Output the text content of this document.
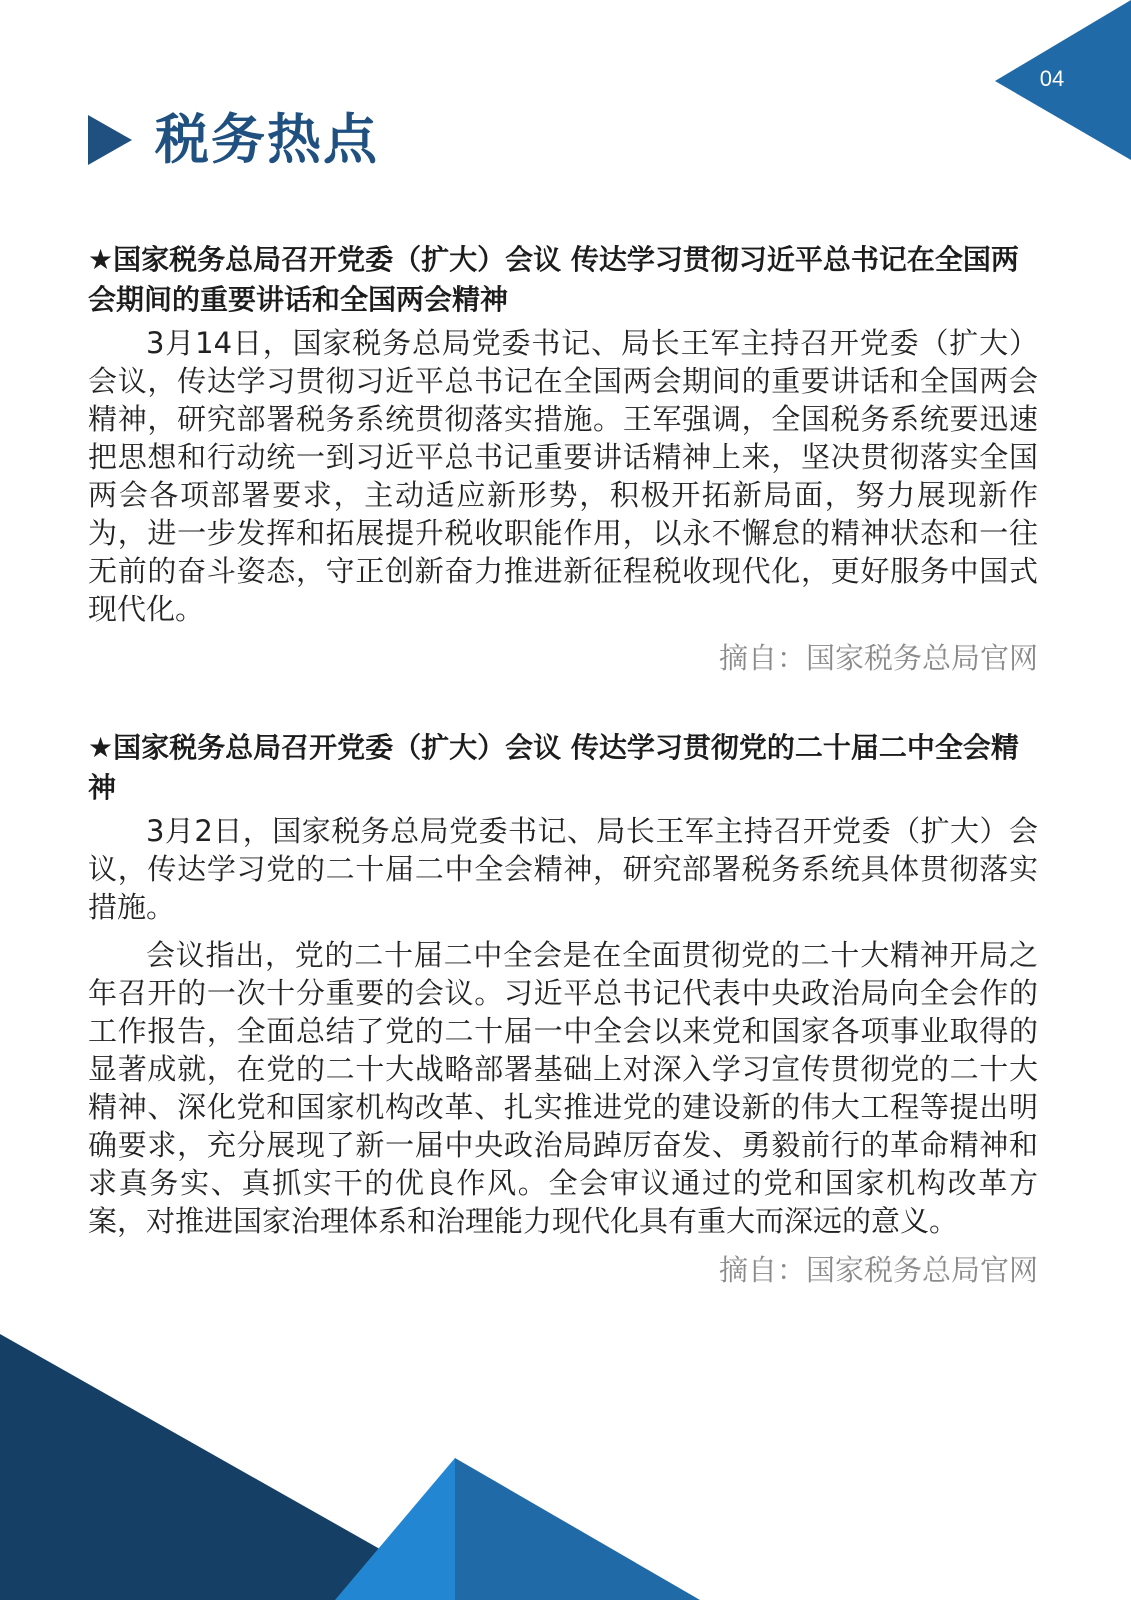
04
税务热点
★国家税务总局召开党委（扩大）会议 传达学习贯彻习近平总书记在全国两会期间的重要讲话和全国两会精神

3月14日，国家税务总局党委书记、局长王军主持召开党委（扩大）会议，传达学习贯彻习近平总书记在全国两会期间的重要讲话和全国两会精神，研究部署税务系统贯彻落实措施。王军强调，全国税务系统要迅速把思想和行动统一到习近平总书记重要讲话精神上来，坚决贯彻落实全国两会各项部署要求，主动适应新形势，积极开拓新局面，努力展现新作为，进一步发挥和拓展提升税收职能作用，以永不懈怠的精神状态和一往无前的奋斗姿态，守正创新奋力推进新征程税收现代化，更好服务中国式现代化。

摘自：国家税务总局官网
★国家税务总局召开党委（扩大）会议 传达学习贯彻党的二十届二中全会精神

3月2日，国家税务总局党委书记、局长王军主持召开党委（扩大）会议，传达学习党的二十届二中全会精神，研究部署税务系统具体贯彻落实措施。

会议指出，党的二十届二中全会是在全面贯彻党的二十大精神开局之年召开的一次十分重要的会议。习近平总书记代表中央政治局向全会作的工作报告，全面总结了党的二十届一中全会以来党和国家各项事业取得的显著成就，在党的二十大战略部署基础上对深入学习宣传贯彻党的二十大精神、深化党和国家机构改革、扎实推进党的建设新的伟大工程等提出明确要求，充分展现了新一届中央政治局踔厉奋发、勇毅前行的革命精神和求真务实、真抓实干的优良作风。全会审议通过的党和国家机构改革方案，对推进国家治理体系和治理能力现代化具有重大而深远的意义。

摘自：国家税务总局官网
